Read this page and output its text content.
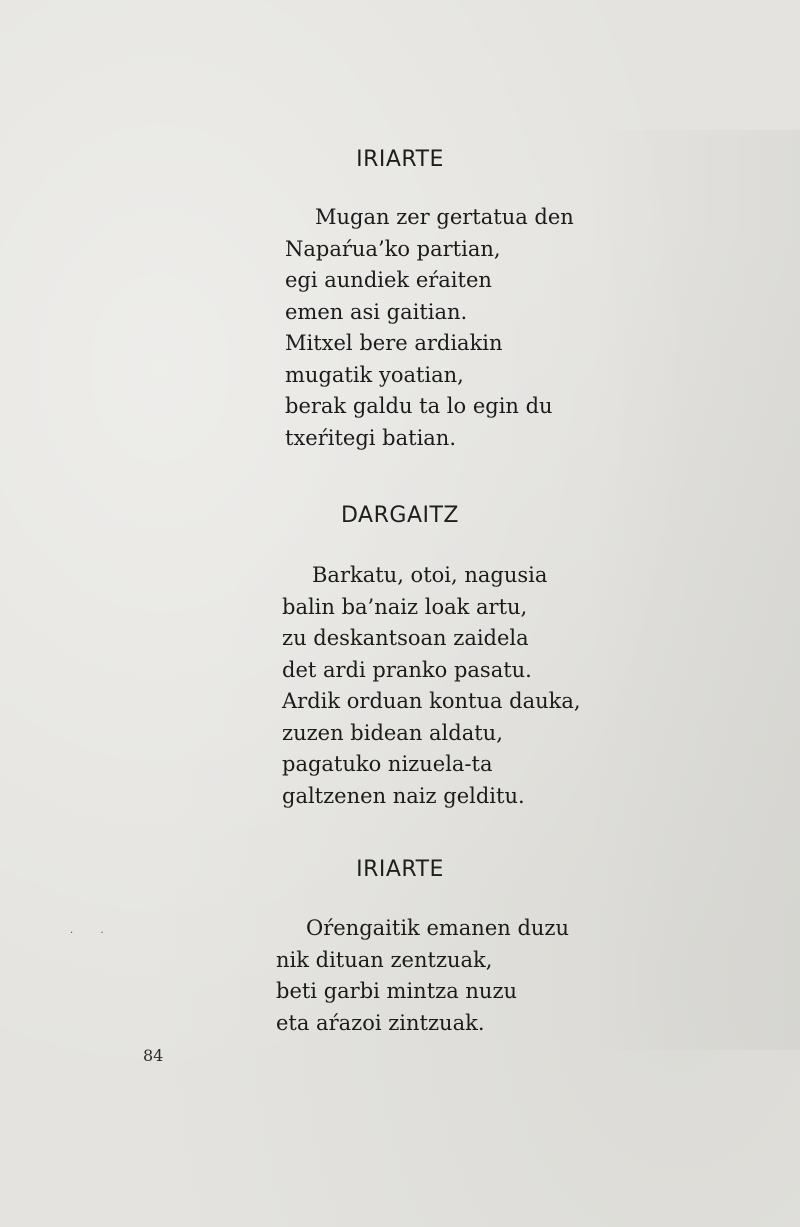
IRIARTE
Mugan zer gertatua den
Napaŕua’ko partian,
egi aundiek eŕaiten
emen asi gaitian.
Mitxel bere ardiakin
mugatik yoatian,
berak galdu ta lo egin du
txeŕitegi batian.
DARGAITZ
Barkatu, otoi, nagusia
balin ba’naiz loak artu,
zu deskantsoan zaidela
det ardi pranko pasatu.
Ardik orduan kontua dauka,
zuzen bidean aldatu,
pagatuko nizuela-ta
galtzenen naiz gelditu.
IRIARTE
Oŕengaitik emanen duzu
nik dituan zentzuak,
beti garbi mintza nuzu
eta aŕazoi zintzuak.
· ·
84
